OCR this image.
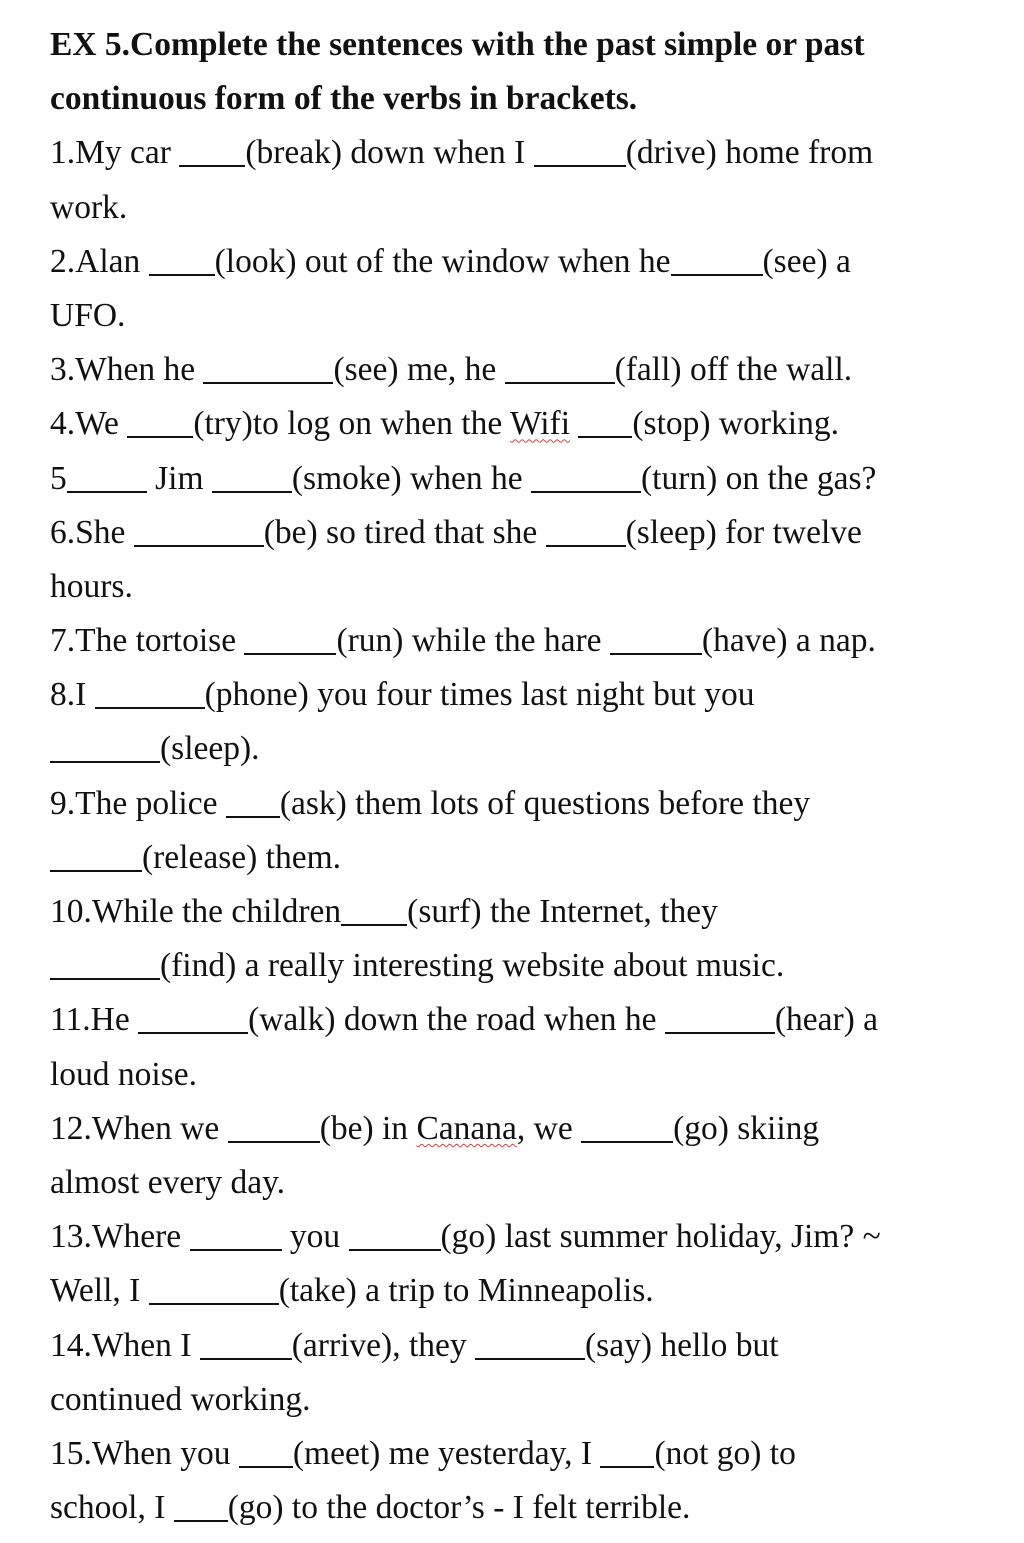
EX 5.Complete the sentences with the past simple or past
continuous form of the verbs in brackets.
1.My car (break) down when I	(drive) home from
work.
2.Alan (look) out of the window when he	(see) a
UFO.
3.When he	(see) me, he	(fall) off the wall.
4.We (try)to log on when the Wifi (stop) working.
5 Jim (smoke) when he	(turn) on the gas?
6.She	(be) so tired that she (sleep) for twelve
hours.
7.The tortoise	(run) while the hare	(have) a nap.
8.I	(phone) you four times last night but you
(sleep).
9.The police (ask) them lots of questions before they
(release) them.
10.While the children (surf) the Internet, they
(find) a really interesting website about music.
11.He	(walk) down the road when he	(hear) a
loud noise.
12.When we	(be) in Canana, we	(go) skiing
almost every day.
13.Where	you	(go) last summer holiday, Jim? ~
Well, I	(take) a trip to Minneapolis.
14.When I	(arrive), they	(say) hello but
continued working.
15.When you (meet) me yesterday, I (not go) to
school, I (go) to the doctor’s - I felt terrible.
